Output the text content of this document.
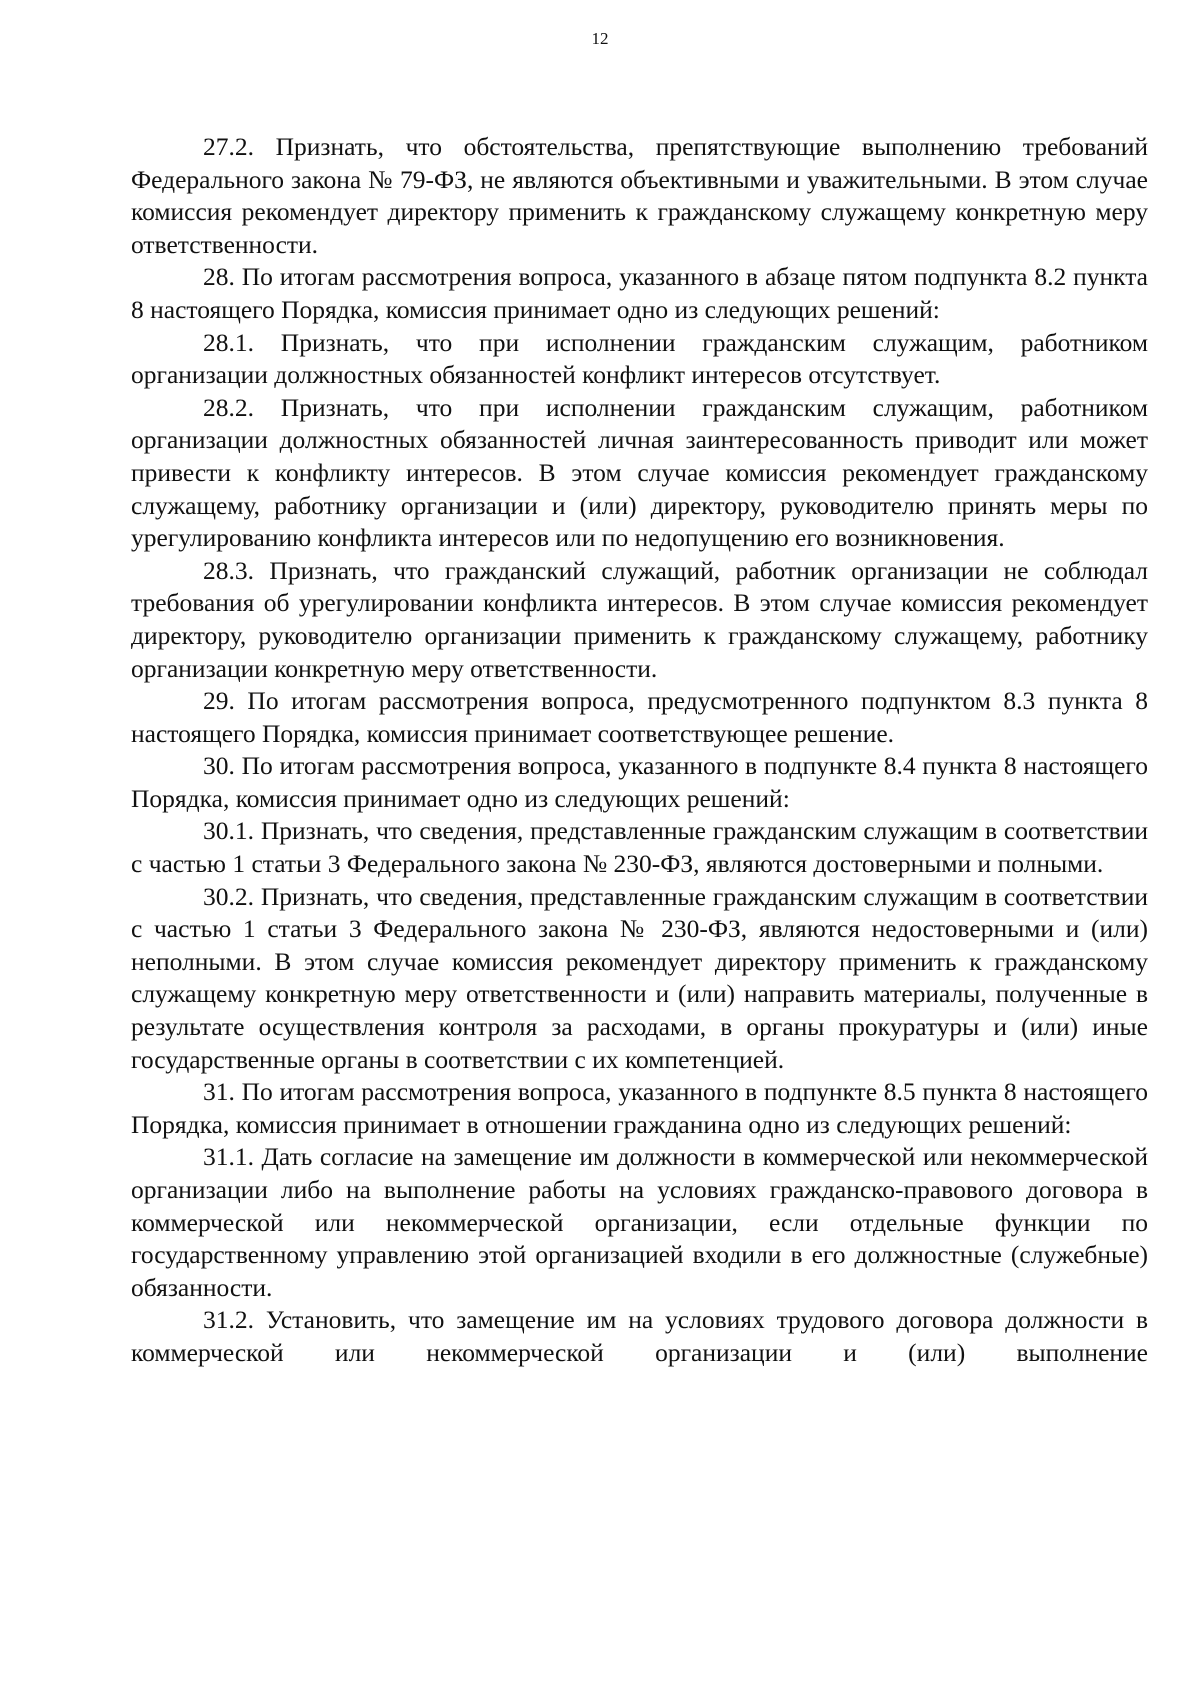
12

27.2. Признать, что обстоятельства, препятствующие выполнению требований Федерального закона № 79-ФЗ, не являются объективными и уважительными. В этом случае комиссия рекомендует директору применить к гражданскому служащему конкретную меру ответственности.

28. По итогам рассмотрения вопроса, указанного в абзаце пятом подпункта 8.2 пункта 8 настоящего Порядка, комиссия принимает одно из следующих решений:

28.1. Признать, что при исполнении гражданским служащим, работником организации должностных обязанностей конфликт интересов отсутствует.

28.2. Признать, что при исполнении гражданским служащим, работником организации должностных обязанностей личная заинтересованность приводит или может привести к конфликту интересов. В этом случае комиссия рекомендует гражданскому служащему, работнику организации и (или) директору, руководителю принять меры по урегулированию конфликта интересов или по недопущению его возникновения.

28.3. Признать, что гражданский служащий, работник организации не соблюдал требования об урегулировании конфликта интересов. В этом случае комиссия рекомендует директору, руководителю организации применить к гражданскому служащему, работнику организации конкретную меру ответственности.

29. По итогам рассмотрения вопроса, предусмотренного подпунктом 8.3 пункта 8 настоящего Порядка, комиссия принимает соответствующее решение.

30. По итогам рассмотрения вопроса, указанного в подпункте 8.4 пункта 8 настоящего Порядка, комиссия принимает одно из следующих решений:

30.1. Признать, что сведения, представленные гражданским служащим в соответствии с частью 1 статьи 3 Федерального закона № 230-ФЗ, являются достоверными и полными.

30.2. Признать, что сведения, представленные гражданским служащим в соответствии с частью 1 статьи 3 Федерального закона № 230-ФЗ, являются недостоверными и (или) неполными. В этом случае комиссия рекомендует директору применить к гражданскому служащему конкретную меру ответственности и (или) направить материалы, полученные в результате осуществления контроля за расходами, в органы прокуратуры и (или) иные государственные органы в соответствии с их компетенцией.

31. По итогам рассмотрения вопроса, указанного в подпункте 8.5 пункта 8 настоящего Порядка, комиссия принимает в отношении гражданина одно из следующих решений:

31.1. Дать согласие на замещение им должности в коммерческой или некоммерческой организации либо на выполнение работы на условиях гражданско-правового договора в коммерческой или некоммерческой организации, если отдельные функции по государственному управлению этой организацией входили в его должностные (служебные) обязанности.

31.2. Установить, что замещение им на условиях трудового договора должности в коммерческой или некоммерческой организации и (или) выполнение
